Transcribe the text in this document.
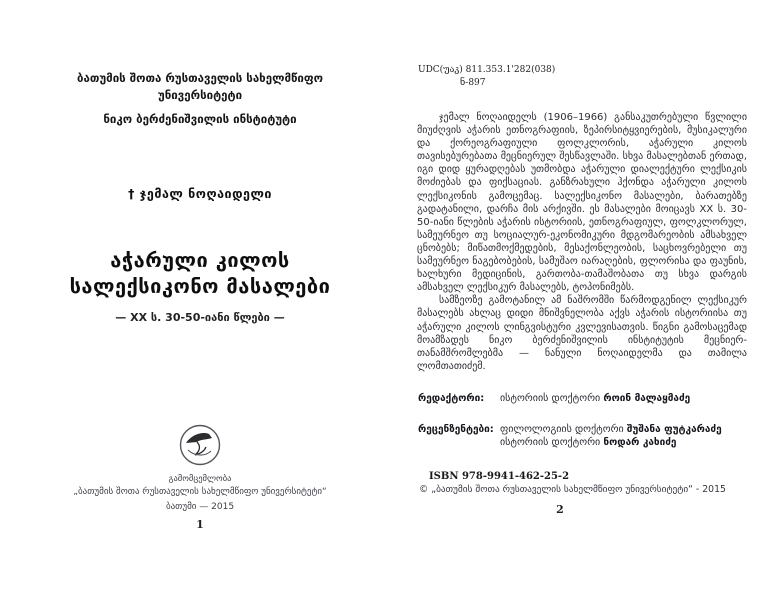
ბათუმის შოთა რუსთაველის სახელმწიფო უნივერსიტეტი
ნიკო ბერძენიშვილის ინსტიტუტი
† ჯემალ ნოღაიდელი
აჭარული კილოს
სალექსიკონო მასალები
— XX ს. 30-50-იანი წლები —
გამომცემლობა
„ბათუმის შოთა რუსთაველის სახელმწიფო უნივერსიტეტი“
ბათუმი — 2015
1
UDC(უაკ) 811.353.1'282(038)
ნ-897

ჯემალ ნოღაიდელს (1906–1966) განსაკუთრებული წვლილი მიუძღვის აჭარის ეთნოგრაფიის, ზეპირსიტყვიერების, მუსიკალური და ქორეოგრაფიული ფოლკლორის, აჭარული კილოს თავისებურებათა მეცნიერულ შესწავლაში. სხვა მასალებთან ერთად, იგი დიდ ყურადღებას უთმობდა აჭარული დიალექტური ლექსიკის მოძიებას და ფიქსაციას. განზრახული ჰქონდა აჭარული კილოს ლექსიკონის გამოცემაც. სალექსიკონო მასალები, ბარათებზე გადატანილი, დარჩა მის არქივში. ეს მასალები მოიცავს XX ს. 30-50-იანი წლების აჭარის ისტორიის, ეთნოგრაფიულ, ფოლკლორულ, სამეურნეო თუ სოციალურ-ეკონომიკური მდგომარეობის ამსახველ ცნობებს; მიწათმოქმედების, მესაქონლეობის, საცხოვრებელი თუ სამეურნეო ნაგებობების, სამუშაო იარაღების, ფლორისა და ფაუნის, ხალხური მედიცინის, გართობა-თამაშობათა თუ სხვა დარგის ამსახველ ლექსიკურ მასალებს, ტოპონიმებს.

სამზეოზე გამოტანილ ამ ნაშრომში წარმოდგენილ ლექსიკურ მასალებს ახლაც დიდი მნიშვნელობა აქვს აჭარის ისტორიისა თუ აჭარული კილოს ლინგვისტური კვლევისათვის. წიგნი გამოსაცემად მოამზადეს ნიკო ბერძენიშვილის ინსტიტუტის მეცნიერ-თანამშრომლებმა — ნანული ნოღაიდელმა და თამილა ლომთათიძემ.

რედაქტორი:	ისტორიის დოქტორი როინ მალაყმაძე
რეცენზენტები: ფილოლოგიის დოქტორი შუშანა ფუტკარაძე
ისტორიის დოქტორი ნოდარ კახიძე
ISBN 978-9941-462-25-2
© „ბათუმის შოთა რუსთაველის სახელმწიფო უნივერსიტეტი“ - 2015
2
